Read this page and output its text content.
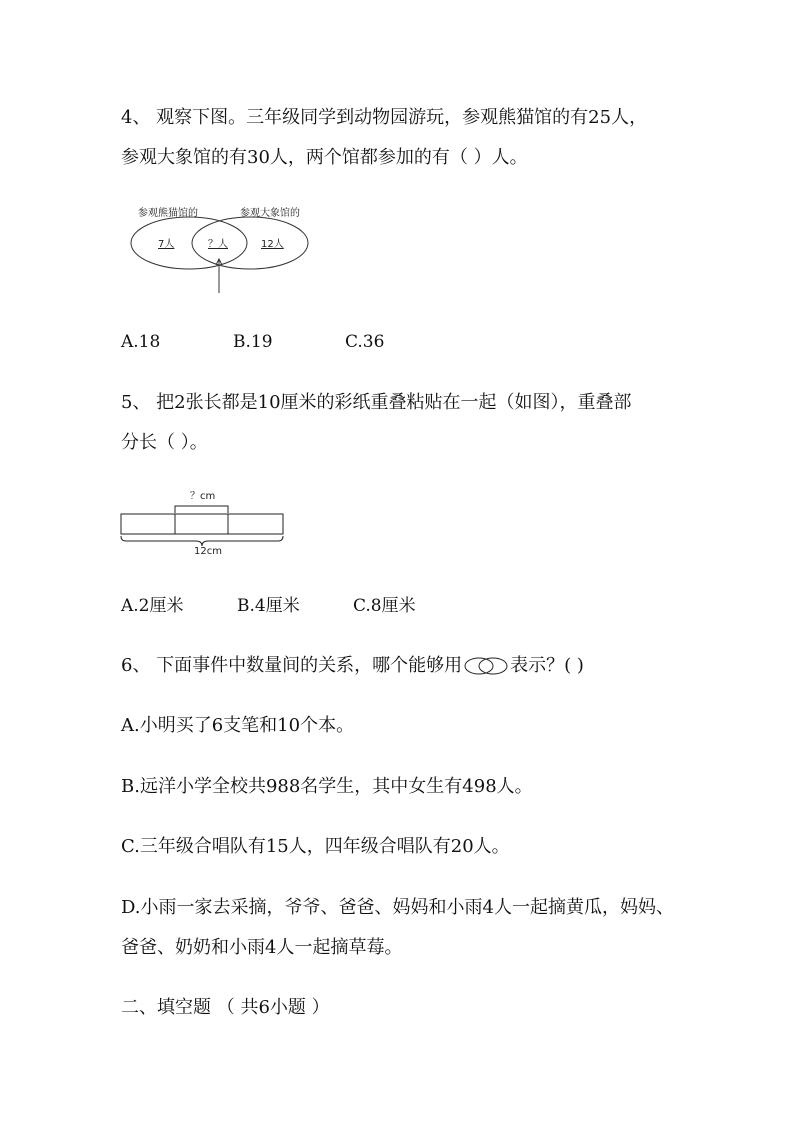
4、 观察下图。三年级同学到动物园游玩，参观熊猫馆的有25人，
参观大象馆的有30人，两个馆都参加的有（ ）人。
参观熊猫馆的	参观大象馆的
7人	？人	12人
A.18	B.19	C.36
5、 把2张长都是10厘米的彩纸重叠粘贴在一起（如图），重叠部
分长（ ）。
？cm
12cm
A.2厘米	B.4厘米	C.8厘米
6、 下面事件中数量间的关系，哪个能够用	表示？( )
A.小明买了6支笔和10个本。
B.远洋小学全校共988名学生，其中女生有498人。
C.三年级合唱队有15人，四年级合唱队有20人。
D.小雨一家去采摘，爷爷、爸爸、妈妈和小雨4人一起摘黄瓜，妈妈、
爸爸、奶奶和小雨4人一起摘草莓。
二、填空题 （ 共6小题 ）
